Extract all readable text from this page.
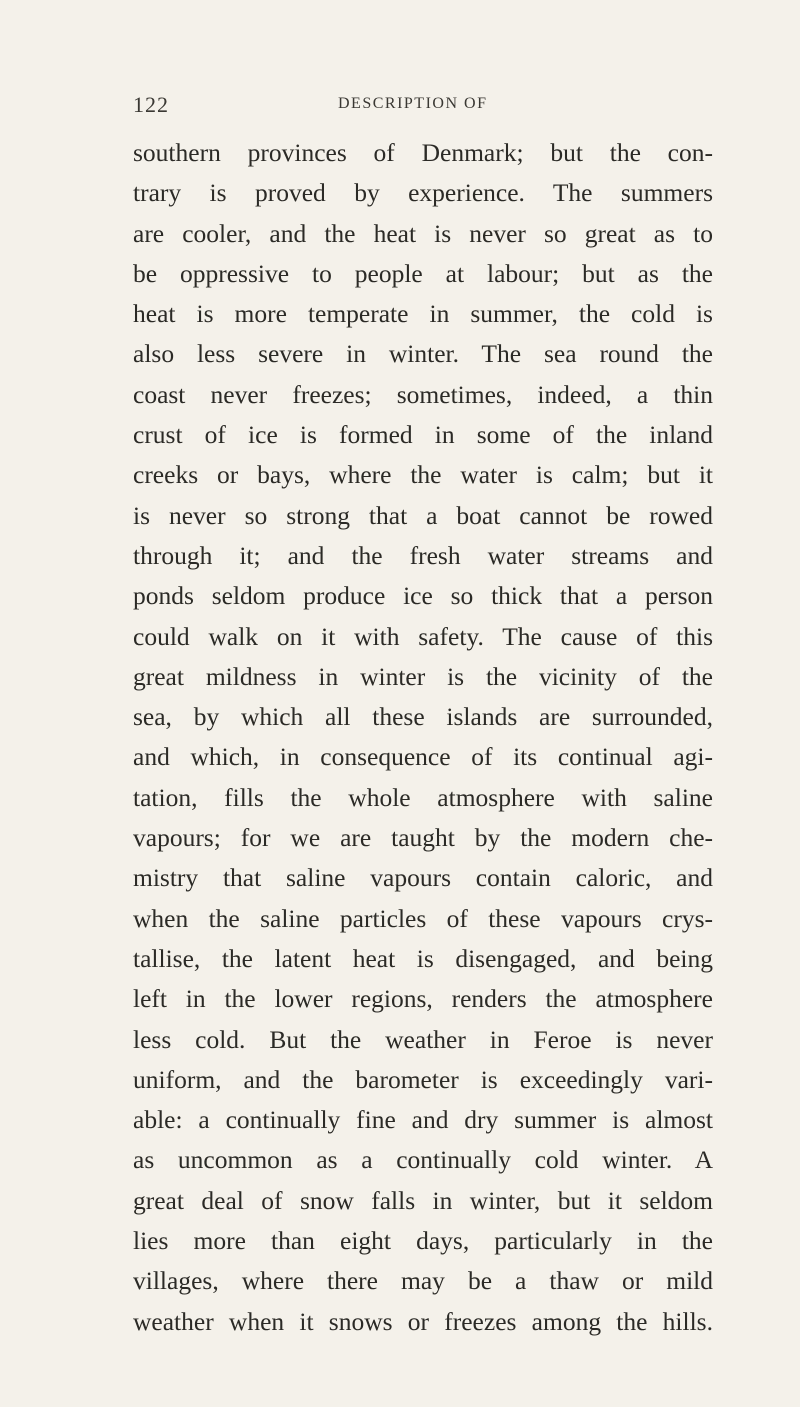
122	DESCRIPTION OF
southern provinces of Denmark; but the con-
trary is proved by experience. The summers
are cooler, and the heat is never so great as to
be oppressive to people at labour; but as the
heat is more temperate in summer, the cold is
also less severe in winter. The sea round the
coast never freezes; sometimes, indeed, a thin
crust of ice is formed in some of the inland
creeks or bays, where the water is calm; but it
is never so strong that a boat cannot be rowed
through it; and the fresh water streams and
ponds seldom produce ice so thick that a person
could walk on it with safety. The cause of this
great mildness in winter is the vicinity of the
sea, by which all these islands are surrounded,
and which, in consequence of its continual agi-
tation, fills the whole atmosphere with saline
vapours; for we are taught by the modern che-
mistry that saline vapours contain caloric, and
when the saline particles of these vapours crys-
tallise, the latent heat is disengaged, and being
left in the lower regions, renders the atmosphere
less cold. But the weather in Feroe is never
uniform, and the barometer is exceedingly vari-
able: a continually fine and dry summer is almost
as uncommon as a continually cold winter. A
great deal of snow falls in winter, but it seldom
lies more than eight days, particularly in the
villages, where there may be a thaw or mild
weather when it snows or freezes among the hills.
